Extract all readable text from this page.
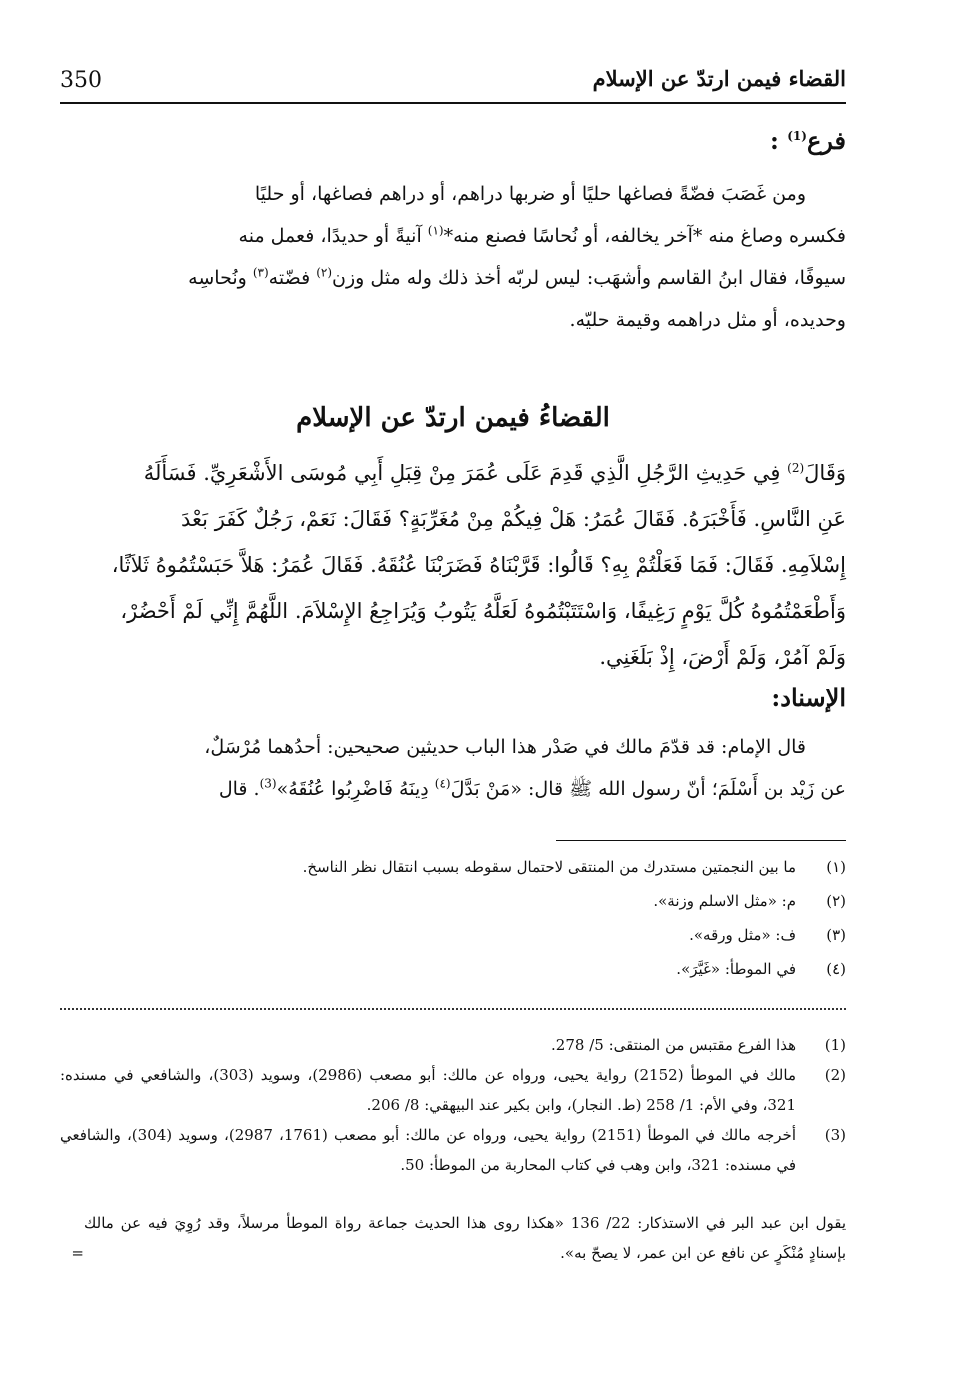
350	القضاء فيمن ارتدّ عن الإسلام
فرع$^{(1)}$ :
ومن غَصَبَ فضّةً فصاغها حليًا أو ضربها دراهم، أو دراهم فصاغها، أو حليًا
فكسره وصاغ منه *آخر يخالفه، أو نُحاسًا فصنع منه*$^{(١)}$ آنيةً أو حديدًا، فعمل منه
سيوفًا، فقال ابنُ القاسم وأشهَب: ليس لربّه أخذ ذلك وله مثل وزن$^{(٢)}$ فضّته$^{(٣)}$ ونُحاسِه
وحديده، أو مثل دراهمه وقيمة حليّه.
القضاءُ فيمن ارتدّ عن الإسلام
وَقَالَ$^{(2)}$ فِي حَدِيثِ الرَّجُلِ الَّذِي قَدِمَ عَلَى عُمَرَ مِنْ قِبَلِ أَبِي مُوسَى الأَشْعَرِيِّ. فَسَأَلَهُ
عَنِ النَّاسِ. فَأَخْبَرَهُ. فَقَالَ عُمَرُ: هَلْ فِيكُمْ مِنْ مُغَرِّبَةٍ؟ فَقَالَ: نَعَمْ، رَجُلٌ كَفَرَ بَعْدَ
إِسْلاَمِهِ. فَقَالَ: فَمَا فَعَلْتُمْ بِهِ؟ قَالُوا: قَرَّبْنَاهُ فَضَرَبْنَا عُنُقَهُ. فَقَالَ عُمَرُ: هَلاَّ حَبَسْتُمُوهُ ثَلاَثًا،
وَأَطْعَمْتُمُوهُ كُلَّ يَوْمٍ رَغِيفًا، وَاسْتَتَبْتُمُوهُ لَعَلَّهُ يَتُوبُ وَيُرَاجِعُ الإِسْلاَمَ. اللَّهُمَّ إِنِّي لَمْ أَحْضُرْ،
وَلَمْ آمُرْ، وَلَمْ أَرْضَ، إِذْ بَلَغَنِي.
الإسناد:
قال الإمام: قد قدّمَ مالك في صَدْر هذا الباب حديثين صحيحين: أحدُهما مُرْسَلٌ،
عن زَيْد بن أَسْلَمَ؛ أنّ رسول الله ﷺ قال: «مَنْ بَدَّلَ$^{(٤)}$ دِينَهُ فَاضْرِبُوا عُنُقَهُ»$^{(3)}$. قال
(١)
ما بين النجمتين مستدرك من المنتقى لاحتمال سقوطه بسبب انتقال نظر الناسخ.
(٢)
م: «مثل الاسلم وزنة».
(٣)
ف: «مثل ورقه».
(٤)
في الموطأ: «غَيَّرَ».
(1)
هذا الفرع مقتبس من المنتقى: 5/ 278.
(2)
مالك في الموطأ (2152) رواية يحيى، ورواه عن مالك: أبو مصعب (2986)، وسويد (303)، والشافعي في مسنده: 321، وفي الأم: 1/ 258 (ط. النجار)، وابن بكير عند البيهقي: 8/ 206.
(3)
أخرجه مالك في الموطأ (2151) رواية يحيى، ورواه عن مالك: أبو مصعب (1761، 2987)، وسويد (304)، والشافعي في مسنده: 321، وابن وهب في كتاب المحاربة من الموطأ: 50.
يقول ابن عبد البر في الاستذكار: 22/ 136 «هكذا روى هذا الحديث جماعة رواة الموطأ مرسلاً، وقد رُوِيَ فيه عن مالك بإسنادٍ مُنْكَرٍ عن نافع عن ابن عمر، لا يصحّ به».
=
